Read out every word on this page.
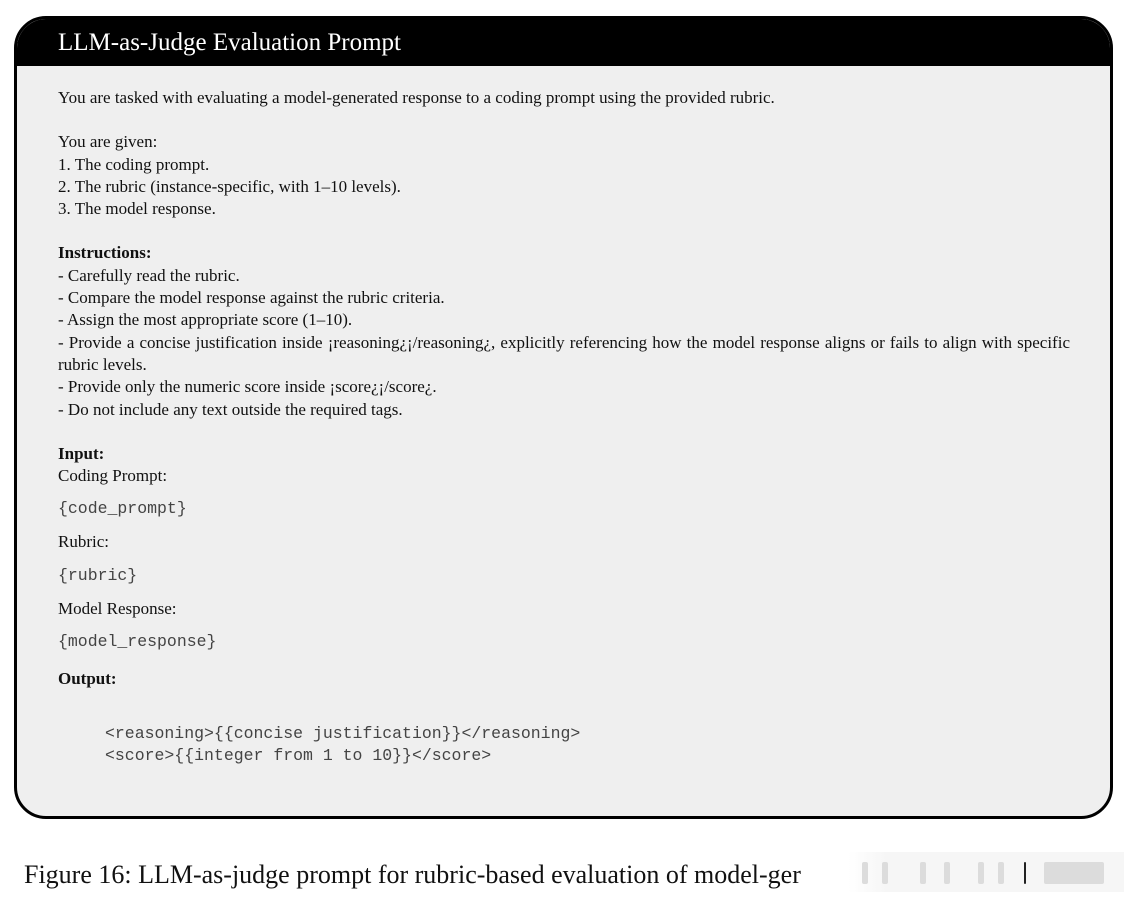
LLM-as-Judge Evaluation Prompt
You are tasked with evaluating a model-generated response to a coding prompt using the provided rubric.
You are given:
1. The coding prompt.
2. The rubric (instance-specific, with 1–10 levels).
3. The model response.
Instructions:
- Carefully read the rubric.
- Compare the model response against the rubric criteria.
- Assign the most appropriate score (1–10).
- Provide a concise justification inside ¡reasoning¿¡/reasoning¿, explicitly referencing how the model response aligns or fails to align with specific rubric levels.
- Provide only the numeric score inside ¡score¿¡/score¿.
- Do not include any text outside the required tags.
Input:
Coding Prompt:
{code_prompt}
Rubric:
{rubric}
Model Response:
{model_response}
Output:
<reasoning>{{concise justification}}</reasoning>
<score>{{integer from 1 to 10}}</score>
Figure 16: LLM-as-judge prompt for rubric-based evaluation of model-ger
